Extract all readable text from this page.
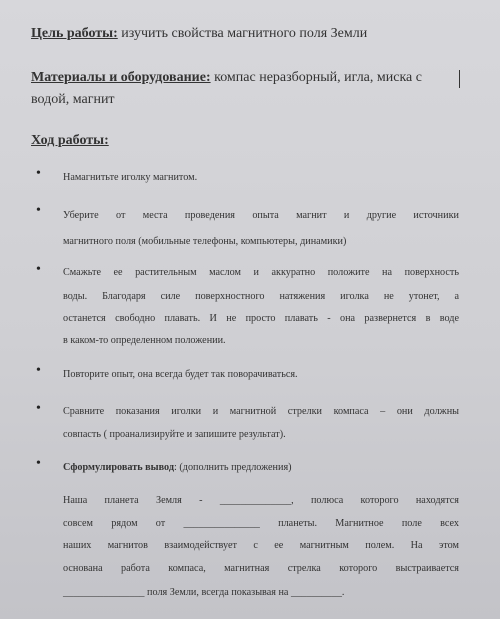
Цель работы: изучить свойства магнитного поля Земли
Материалы и оборудование: компас неразборный, игла, миска с
водой, магнит
Ход работы:
• Намагнитьте иголку магнитом.
• Уберите от места проведения опыта магнит и другие источники
магнитного поля (мобильные телефоны, компьютеры, динамики)
• Смажьте ее растительным маслом и аккуратно положите на поверхность
воды. Благодаря силе поверхностного натяжения иголка не утонет, а
останется свободно плавать. И не просто плавать - она развернется в воде
в каком-то определенном положении.
• Повторите опыт, она всегда будет так поворачиваться.
• Сравните показания иголки и магнитной стрелки компаса – они должны
совпасть ( проанализируйте и запишите результат).
• Сформулировать вывод: (дополнить предложения)
Наша планета Земля - ______________, полюса которого находятся
совсем рядом от _______________ планеты. Магнитное поле всех
наших магнитов взаимодействует с ее магнитным полем. На этом
основана работа компаса, магнитная стрелка которого выстраивается
________________ поля Земли, всегда показывая на __________.
